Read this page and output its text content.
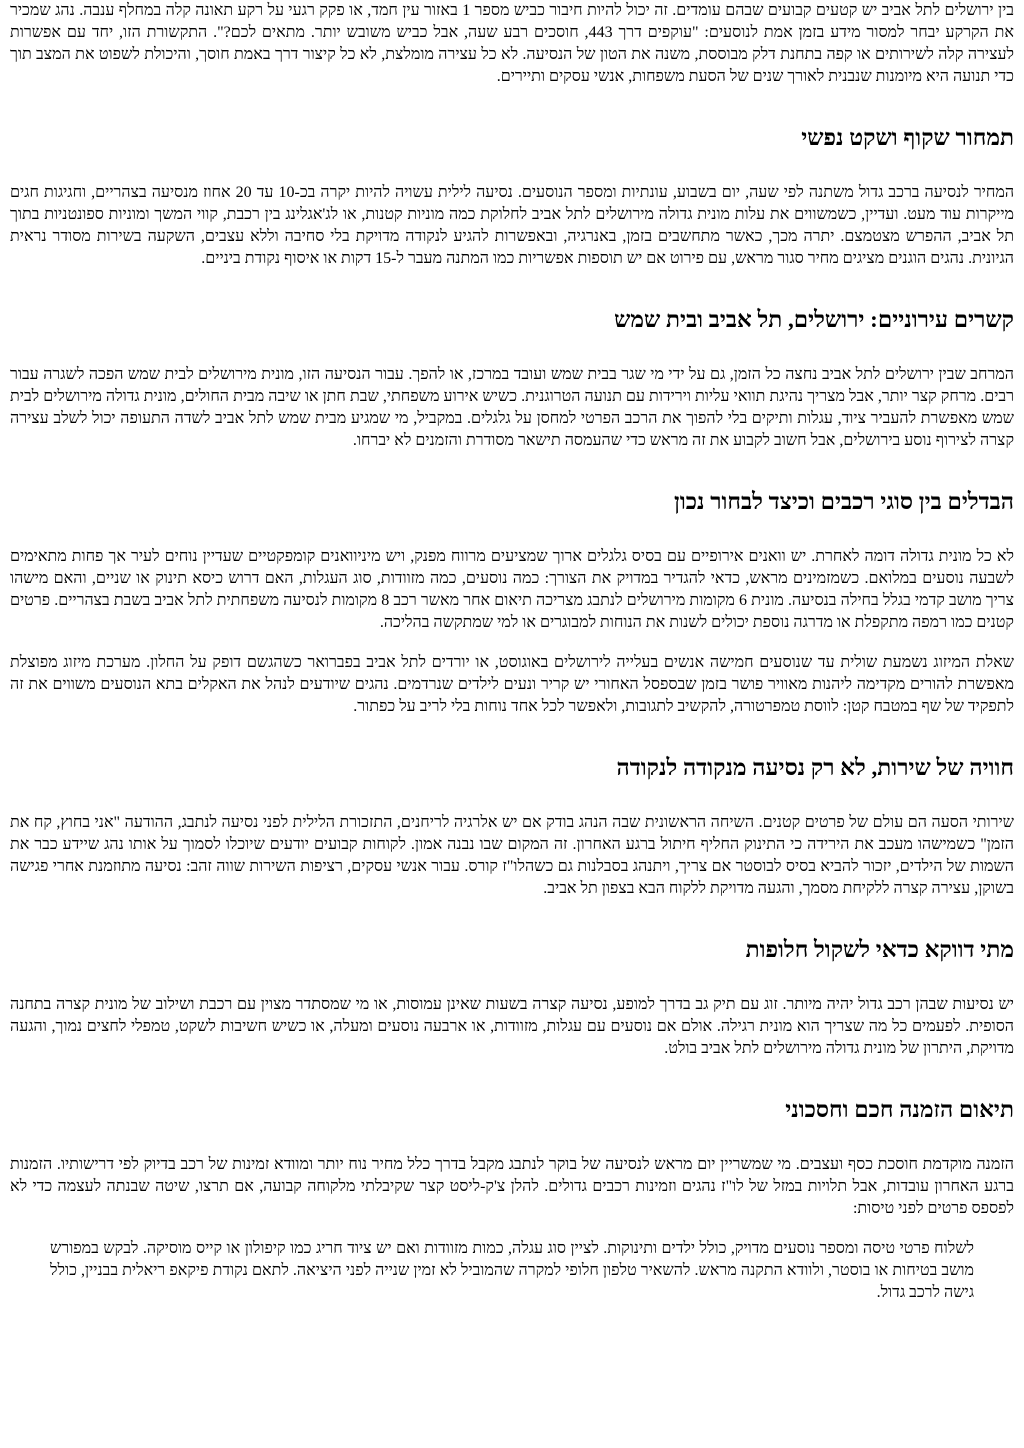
בין ירושלים לתל אביב יש קטעים קבועים שבהם עומדים. זה יכול להיות חיבור כביש מספר 1 באזור עין חמד, או פקק רגעי על רקע תאונה קלה במחלף ענבה. נהג שמכיר את הקרקע יבחר למסור מידע בזמן אמת לנוסעים: "עוקפים דרך 443, חוסכים רבע שעה, אבל כביש משובש יותר. מתאים לכם?". התקשורת הזו, יחד עם אפשרות לעצירה קלה לשירותים או קפה בתחנת דלק מבוססת, משנה את הטון של הנסיעה. לא כל עצירה מומלצת, לא כל קיצור דרך באמת חוסך, והיכולת לשפוט את המצב תוך כדי תנועה היא מיומנות שנבנית לאורך שנים של הסעת משפחות, אנשי עסקים ותיירים.

תמחור שקוף ושקט נפשי

המחיר לנסיעה ברכב גדול משתנה לפי שעה, יום בשבוע, עונתיות ומספר הנוסעים. נסיעה לילית עשויה להיות יקרה בכ-10 עד 20 אחוז מנסיעה בצהריים, וחגיגות חגים מייקרות עוד מעט. ועדיין, כשמשווים את עלות מונית גדולה מירושלים לתל אביב לחלוקת כמה מוניות קטנות, או לג'אגלינג בין רכבת, קווי המשך ומוניות ספונטניות בתוך תל אביב, ההפרש מצטמצם. יתרה מכך, כאשר מתחשבים בזמן, באנרגיה, ובאפשרות להגיע לנקודה מדויקת בלי סחיבה וללא עצבים, השקעה בשירות מסודר נראית הגיונית. נהגים הוגנים מציגים מחיר סגור מראש, עם פירוט אם יש תוספות אפשריות כמו המתנה מעבר ל-15 דקות או איסוף נקודת ביניים.

קשרים עירוניים: ירושלים, תל אביב ובית שמש

המרחב שבין ירושלים לתל אביב נחצה כל הזמן, גם על ידי מי שגר בבית שמש ועובד במרכז, או להפך. עבור הנסיעה הזו, מונית מירושלים לבית שמש הפכה לשגרה עבור רבים. מרחק קצר יותר, אבל מצריך נהיגת תוואי עליות וירידות עם תנועה הטרוגנית. כשיש אירוע משפחתי, שבת חתן או שיבה מבית החולים, מונית גדולה מירושלים לבית שמש מאפשרת להעביר ציוד, עגלות ותיקים בלי להפוך את הרכב הפרטי למחסן על גלגלים. במקביל, מי שמגיע מבית שמש לתל אביב לשדה התעופה יכול לשלב עצירה קצרה לצירוף נוסע בירושלים, אבל חשוב לקבוע את זה מראש כדי שהעמסה תישאר מסודרת והזמנים לא יברחו.

הבדלים בין סוגי רכבים וכיצד לבחור נכון

לא כל מונית גדולה דומה לאחרת. יש וואנים אירופיים עם בסיס גלגלים ארוך שמציעים מרווח מפנק, ויש מיניוואנים קומפקטיים שעדיין נוחים לעיר אך פחות מתאימים לשבעה נוסעים במלואם. כשמזמינים מראש, כדאי להגדיר במדויק את הצורך: כמה נוסעים, כמה מזוודות, סוג העגלות, האם דרוש כיסא תינוק או שניים, והאם מישהו צריך מושב קדמי בגלל בחילה בנסיעה. מונית 6 מקומות מירושלים לנתבג מצריכה תיאום אחר מאשר רכב 8 מקומות לנסיעה משפחתית לתל אביב בשבת בצהריים. פרטים קטנים כמו רמפה מתקפלת או מדרגה נוספת יכולים לשנות את הנוחות למבוגרים או למי שמתקשה בהליכה.

שאלת המיזוג נשמעת שולית עד שנוסעים חמישה אנשים בעלייה לירושלים באוגוסט, או יורדים לתל אביב בפברואר כשהגשם דופק על החלון. מערכת מיזוג מפוצלת מאפשרת להורים מקדימה ליהנות מאוויר פושר בזמן שבספסל האחורי יש קריר ונעים לילדים שנרדמים. נהגים שיודעים לנהל את האקלים בתא הנוסעים משווים את זה לתפקיד של שף במטבח קטן: לווסת טמפרטורה, להקשיב לתגובות, ולאפשר לכל אחד נוחות בלי לריב על כפתור.

חוויה של שירות, לא רק נסיעה מנקודה לנקודה

שירותי הסעה הם עולם של פרטים קטנים. השיחה הראשונית שבה הנהג בודק אם יש אלרגיה לריחנים, התזכורת הלילית לפני נסיעה לנתבג, ההודעה "אני בחוץ, קח את הזמן" כשמישהו מעכב את הירידה כי התינוק החליף חיתול ברגע האחרון. זה המקום שבו נבנה אמון. לקוחות קבועים יודעים שיוכלו לסמוך על אותו נהג שיידע כבר את השמות של הילדים, יזכור להביא בסיס לבוסטר אם צריך, ויתנהג בסבלנות גם כשהלו"ז קורס. עבור אנשי עסקים, רציפות השירות שווה זהב: נסיעה מתוזמנת אחרי פגישה בשוקן, עצירה קצרה ללקיחת מסמך, והגעה מדויקת ללקוח הבא בצפון תל אביב.

מתי דווקא כדאי לשקול חלופות

יש נסיעות שבהן רכב גדול יהיה מיותר. זוג עם תיק גב בדרך למופע, נסיעה קצרה בשעות שאינן עמוסות, או מי שמסתדר מצוין עם רכבת ושילוב של מונית קצרה בתחנה הסופית. לפעמים כל מה שצריך הוא מונית רגילה. אולם אם נוסעים עם עגלות, מזוודות, או ארבעה נוסעים ומעלה, או כשיש חשיבות לשקט, טמפלי לחצים נמוך, והגעה מדויקת, היתרון של מונית גדולה מירושלים לתל אביב בולט.

תיאום הזמנה חכם וחסכוני

הזמנה מוקדמת חוסכת כסף ועצבים. מי שמשריין יום מראש לנסיעה של בוקר לנתבג מקבל בדרך כלל מחיר נוח יותר ומוודא זמינות של רכב בדיוק לפי דרישותיו. הזמנות ברגע האחרון עובדות, אבל תלויות במזל של לו"ז נהגים וזמינות רכבים גדולים. להלן צ'ק-ליסט קצר שקיבלתי מלקוחה קבועה, אם תרצו, שיטה שבנתה לעצמה כדי לא לפספס פרטים לפני טיסות:

לשלוח פרטי טיסה ומספר נוסעים מדויק, כולל ילדים ותינוקות. לציין סוג עגלה, כמות מזוודות ואם יש ציוד חריג כמו קיפולון או קייס מוסיקה. לבקש במפורש מושב בטיחות או בוסטר, ולוודא התקנה מראש. להשאיר טלפון חלופי למקרה שהמוביל לא זמין שנייה לפני היציאה. לתאם נקודת פיקאפ ריאלית בבניין, כולל גישה לרכב גדול.
